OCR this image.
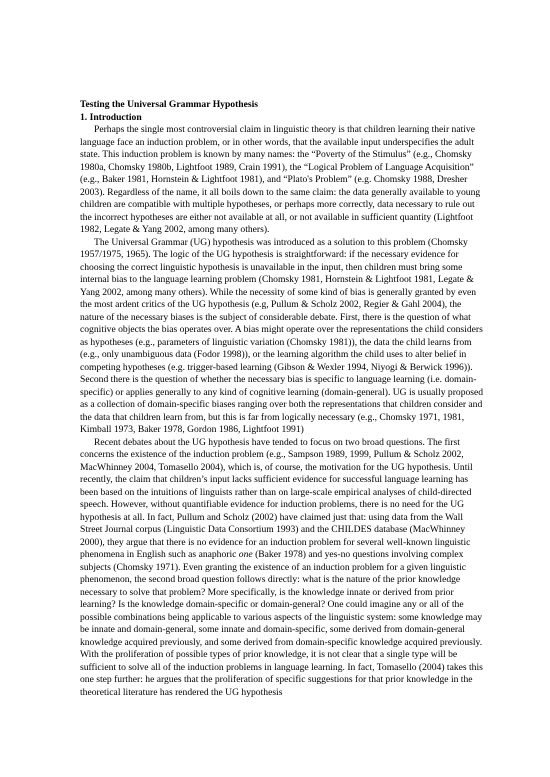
Testing the Universal Grammar Hypothesis

1. Introduction

Perhaps the single most controversial claim in linguistic theory is that children learning their native language face an induction problem, or in other words, that the available input underspecifies the adult state. This induction problem is known by many names: the “Poverty of the Stimulus” (e.g., Chomsky 1980a, Chomsky 1980b, Lightfoot 1989, Crain 1991), the “Logical Problem of Language Acquisition” (e.g., Baker 1981, Hornstein & Lightfoot 1981), and “Plato's Problem” (e.g. Chomsky 1988, Dresher 2003). Regardless of the name, it all boils down to the same claim: the data generally available to young children are compatible with multiple hypotheses, or perhaps more correctly, data necessary to rule out the incorrect hypotheses are either not available at all, or not available in sufficient quantity (Lightfoot 1982, Legate & Yang 2002, among many others).

The Universal Grammar (UG) hypothesis was introduced as a solution to this problem (Chomsky 1957/1975, 1965). The logic of the UG hypothesis is straightforward: if the necessary evidence for choosing the correct linguistic hypothesis is unavailable in the input, then children must bring some internal bias to the language learning problem (Chomsky 1981, Hornstein & Lightfoot 1981, Legate & Yang 2002, among many others). While the necessity of some kind of bias is generally granted by even the most ardent critics of the UG hypothesis (e.g, Pullum & Scholz 2002, Regier & Gahl 2004), the nature of the necessary biases is the subject of considerable debate. First, there is the question of what cognitive objects the bias operates over. A bias might operate over the representations the child considers as hypotheses (e.g., parameters of linguistic variation (Chomsky 1981)), the data the child learns from (e.g., only unambiguous data (Fodor 1998)), or the learning algorithm the child uses to alter belief in competing hypotheses (e.g. trigger-based learning (Gibson & Wexler 1994, Niyogi & Berwick 1996)). Second there is the question of whether the necessary bias is specific to language learning (i.e. domain-specific) or applies generally to any kind of cognitive learning (domain-general). UG is usually proposed as a collection of domain-specific biases ranging over both the representations that children consider and the data that children learn from, but this is far from logically necessary (e.g., Chomsky 1971, 1981, Kimball 1973, Baker 1978, Gordon 1986, Lightfoot 1991)

Recent debates about the UG hypothesis have tended to focus on two broad questions. The first concerns the existence of the induction problem (e.g., Sampson 1989, 1999, Pullum & Scholz 2002, MacWhinney 2004, Tomasello 2004), which is, of course, the motivation for the UG hypothesis. Until recently, the claim that children’s input lacks sufficient evidence for successful language learning has been based on the intuitions of linguists rather than on large-scale empirical analyses of child-directed speech. However, without quantifiable evidence for induction problems, there is no need for the UG hypothesis at all. In fact, Pullum and Scholz (2002) have claimed just that: using data from the Wall Street Journal corpus (Linguistic Data Consortium 1993) and the CHILDES database (MacWhinney 2000), they argue that there is no evidence for an induction problem for several well-known linguistic phenomena in English such as anaphoric one (Baker 1978) and yes-no questions involving complex subjects (Chomsky 1971). Even granting the existence of an induction problem for a given linguistic phenomenon, the second broad question follows directly: what is the nature of the prior knowledge necessary to solve that problem? More specifically, is the knowledge innate or derived from prior learning? Is the knowledge domain-specific or domain-general? One could imagine any or all of the possible combinations being applicable to various aspects of the linguistic system: some knowledge may be innate and domain-general, some innate and domain-specific, some derived from domain-general knowledge acquired previously, and some derived from domain-specific knowledge acquired previously. With the proliferation of possible types of prior knowledge, it is not clear that a single type will be sufficient to solve all of the induction problems in language learning. In fact, Tomasello (2004) takes this one step further: he argues that the proliferation of specific suggestions for that prior knowledge in the theoretical literature has rendered the UG hypothesis
